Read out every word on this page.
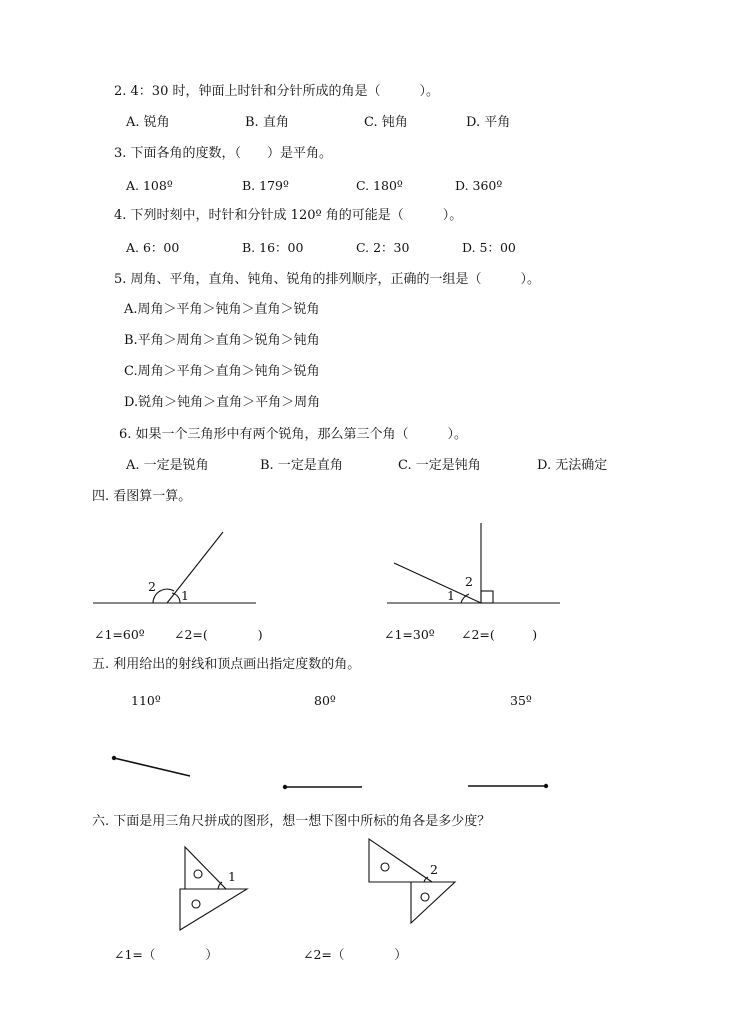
2. 4：30 时，钟面上时针和分针所成的角是（　　　）。
A. 锐角	B. 直角	C. 钝角	D. 平角
3. 下面各角的度数，（　　）是平角。
A. 108º	B. 179º	C. 180º	D. 360º
4. 下列时刻中，时针和分针成 120º 角的可能是（　　　）。
A. 6：00	B. 16：00	C. 2：30	D. 5：00
5. 周角、平角，直角、钝角、锐角的排列顺序，正确的一组是（　　　）。
A.周角＞平角＞钝角＞直角＞锐角
B.平角＞周角＞直角＞锐角＞钝角
C.周角＞平角＞直角＞钝角＞锐角
D.锐角＞钝角＞直角＞平角＞周角
6. 如果一个三角形中有两个锐角，那么第三个角（　　　）。
A. 一定是锐角	B. 一定是直角	C. 一定是钝角	D. 无法确定
四. 看图算一算。
2
1
∠1=60º ∠2=(　　　　)
2
1
∠1=30º ∠2=(　　　)
五. 利用给出的射线和顶点画出指定度数的角。
110º	80º	35º
六. 下面是用三角尺拼成的图形，想一想下图中所标的角各是多少度？
1	2
∠1=（　　　　）	∠2=（　　　　）
